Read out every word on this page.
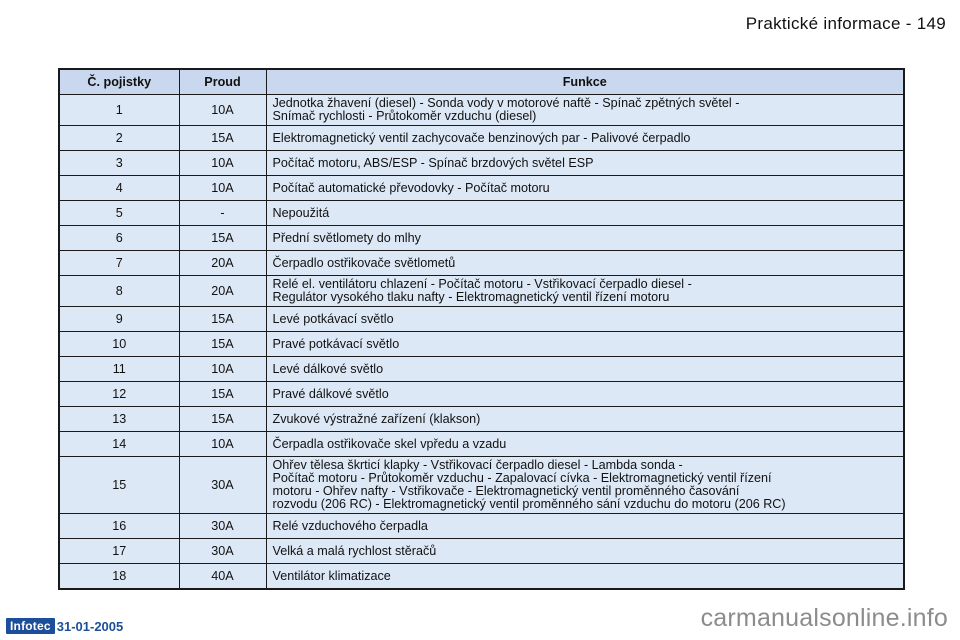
Praktické informace - 149
Č. pojistky	Proud	Funkce
1	10A	Jednotka žhavení (diesel) - Sonda vody v motorové naftě - Spínač zpětných světel -
Snímač rychlosti - Průtokoměr vzduchu (diesel)
2	15A	Elektromagnetický ventil zachycovače benzinových par - Palivové čerpadlo
3	10A	Počítač motoru, ABS/ESP - Spínač brzdových světel ESP
4	10A	Počítač automatické převodovky - Počítač motoru
5	-	Nepoužitá
6	15A	Přední světlomety do mlhy
7	20A	Čerpadlo ostřikovače světlometů
8	20A	Relé el. ventilátoru chlazení - Počítač motoru - Vstřikovací čerpadlo diesel -
Regulátor vysokého tlaku nafty - Elektromagnetický ventil řízení motoru
9	15A	Levé potkávací světlo
10	15A	Pravé potkávací světlo
11	10A	Levé dálkové světlo
12	15A	Pravé dálkové světlo
13	15A	Zvukové výstražné zařízení (klakson)
14	10A	Čerpadla ostřikovače skel vpředu a vzadu
15	30A	Ohřev tělesa škrticí klapky - Vstřikovací čerpadlo diesel - Lambda sonda -
Počítač motoru - Průtokoměr vzduchu - Zapalovací cívka - Elektromagnetický ventil řízení
motoru - Ohřev nafty - Vstřikovače - Elektromagnetický ventil proměnného časování
rozvodu (206 RC) - Elektromagnetický ventil proměnného sání vzduchu do motoru (206 RC)
16	30A	Relé vzduchového čerpadla
17	30A	Velká a malá rychlost stěračů
18	40A	Ventilátor klimatizace
Infotec 31-01-2005	carmanualsonline.info
